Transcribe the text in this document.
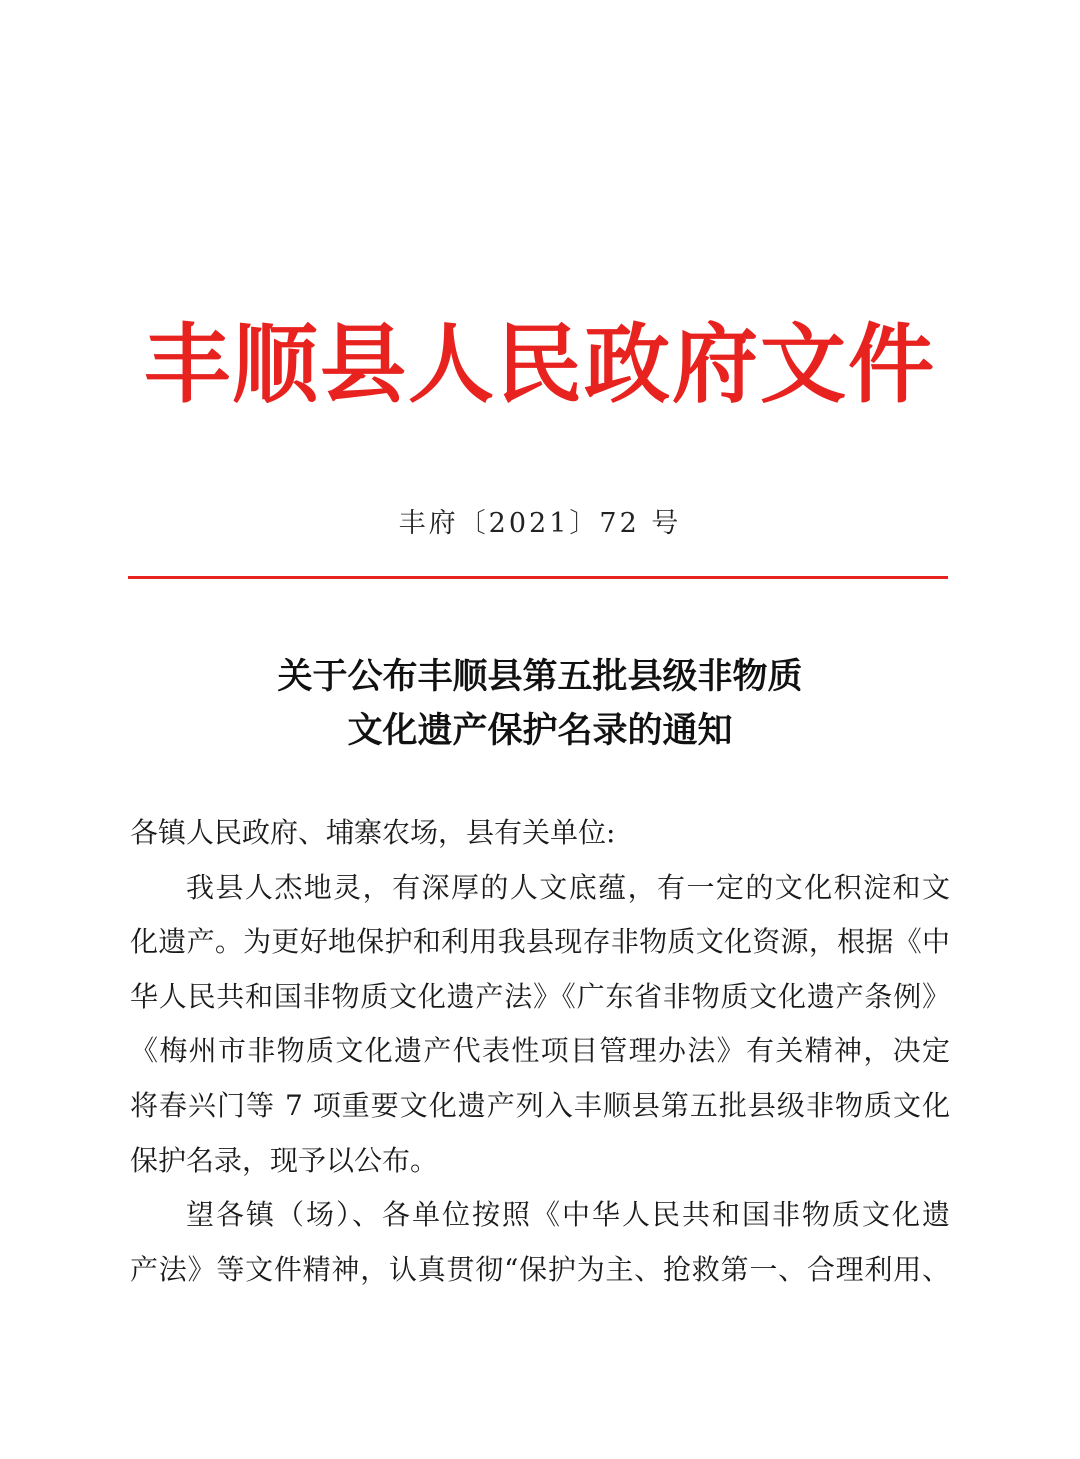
丰顺县人民政府文件
丰府〔2021〕72 号
关于公布丰顺县第五批县级非物质
文化遗产保护名录的通知
各镇人民政府、埔寨农场，县有关单位:
我县人杰地灵，有深厚的人文底蕴，有一定的文化积淀和文
化遗产。为更好地保护和利用我县现存非物质文化资源，根据《中
华人民共和国非物质文化遗产法》《广东省非物质文化遗产条例》
《梅州市非物质文化遗产代表性项目管理办法》有关精神，决定
将春兴门等 7 项重要文化遗产列入丰顺县第五批县级非物质文化
保护名录，现予以公布。
望各镇（场）、各单位按照《中华人民共和国非物质文化遗
产法》等文件精神，认真贯彻“保护为主、抢救第一、合理利用、
